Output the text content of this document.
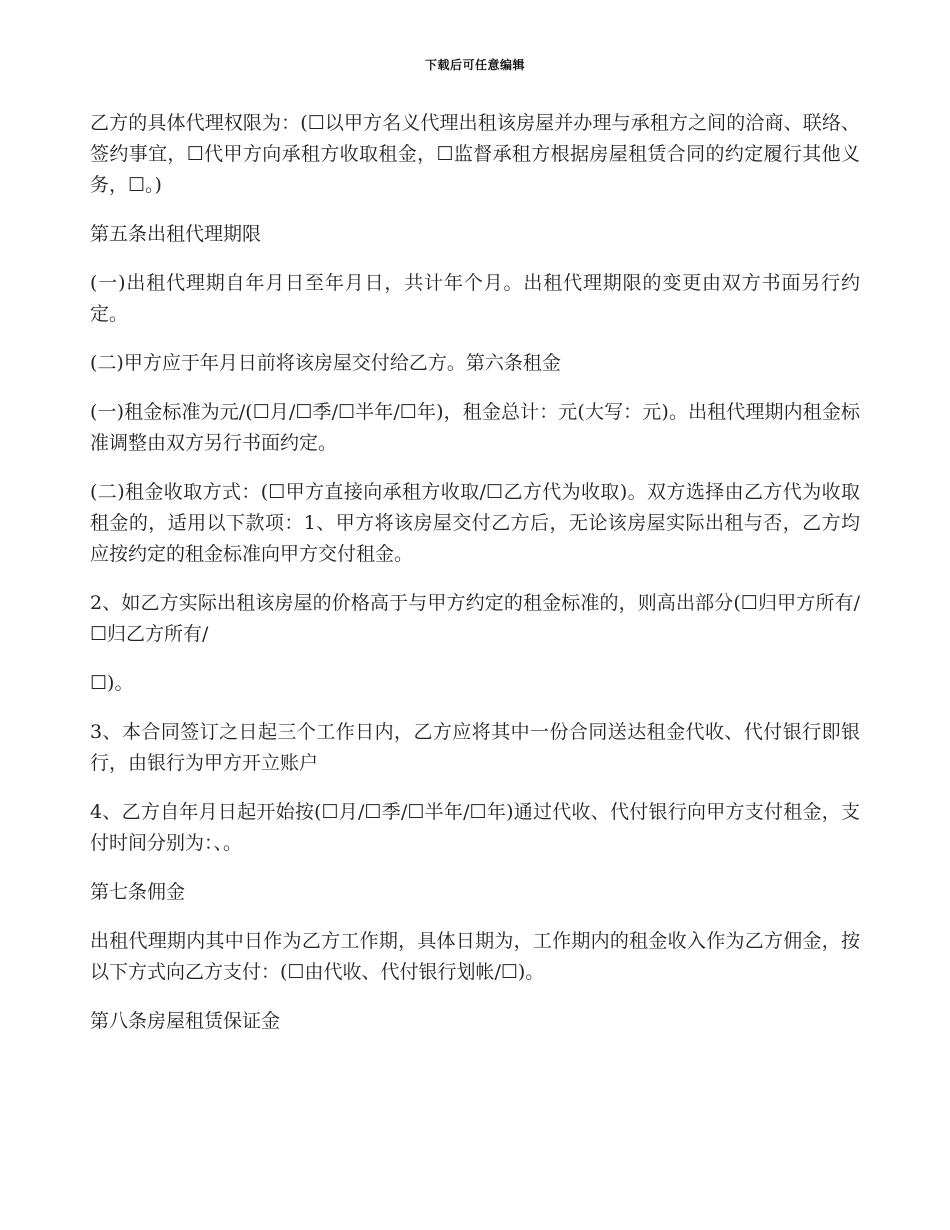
下载后可任意编辑

乙方的具体代理权限为：(☐以甲方名义代理出租该房屋并办理与承租方之间的洽商、联络、签约事宜，☐代甲方向承租方收取租金，☐监督承租方根据房屋租赁合同的约定履行其他义务，☐。)

第五条出租代理期限

(一)出租代理期自年月日至年月日，共计年个月。出租代理期限的变更由双方书面另行约定。

(二)甲方应于年月日前将该房屋交付给乙方。第六条租金

(一)租金标准为元/(☐月/☐季/☐半年/☐年)，租金总计：元(大写：元)。出租代理期内租金标准调整由双方另行书面约定。

(二)租金收取方式：(☐甲方直接向承租方收取/☐乙方代为收取)。双方选择由乙方代为收取租金的，适用以下款项：1、甲方将该房屋交付乙方后，无论该房屋实际出租与否，乙方均应按约定的租金标准向甲方交付租金。

2、如乙方实际出租该房屋的价格高于与甲方约定的租金标准的，则高出部分(☐归甲方所有/☐归乙方所有/

☐)。

3、本合同签订之日起三个工作日内，乙方应将其中一份合同送达租金代收、代付银行即银行，由银行为甲方开立账户

4、乙方自年月日起开始按(☐月/☐季/☐半年/☐年)通过代收、代付银行向甲方支付租金，支付时间分别为：、。

第七条佣金

出租代理期内其中日作为乙方工作期，具体日期为，工作期内的租金收入作为乙方佣金，按以下方式向乙方支付：(☐由代收、代付银行划帐/☐)。

第八条房屋租赁保证金
